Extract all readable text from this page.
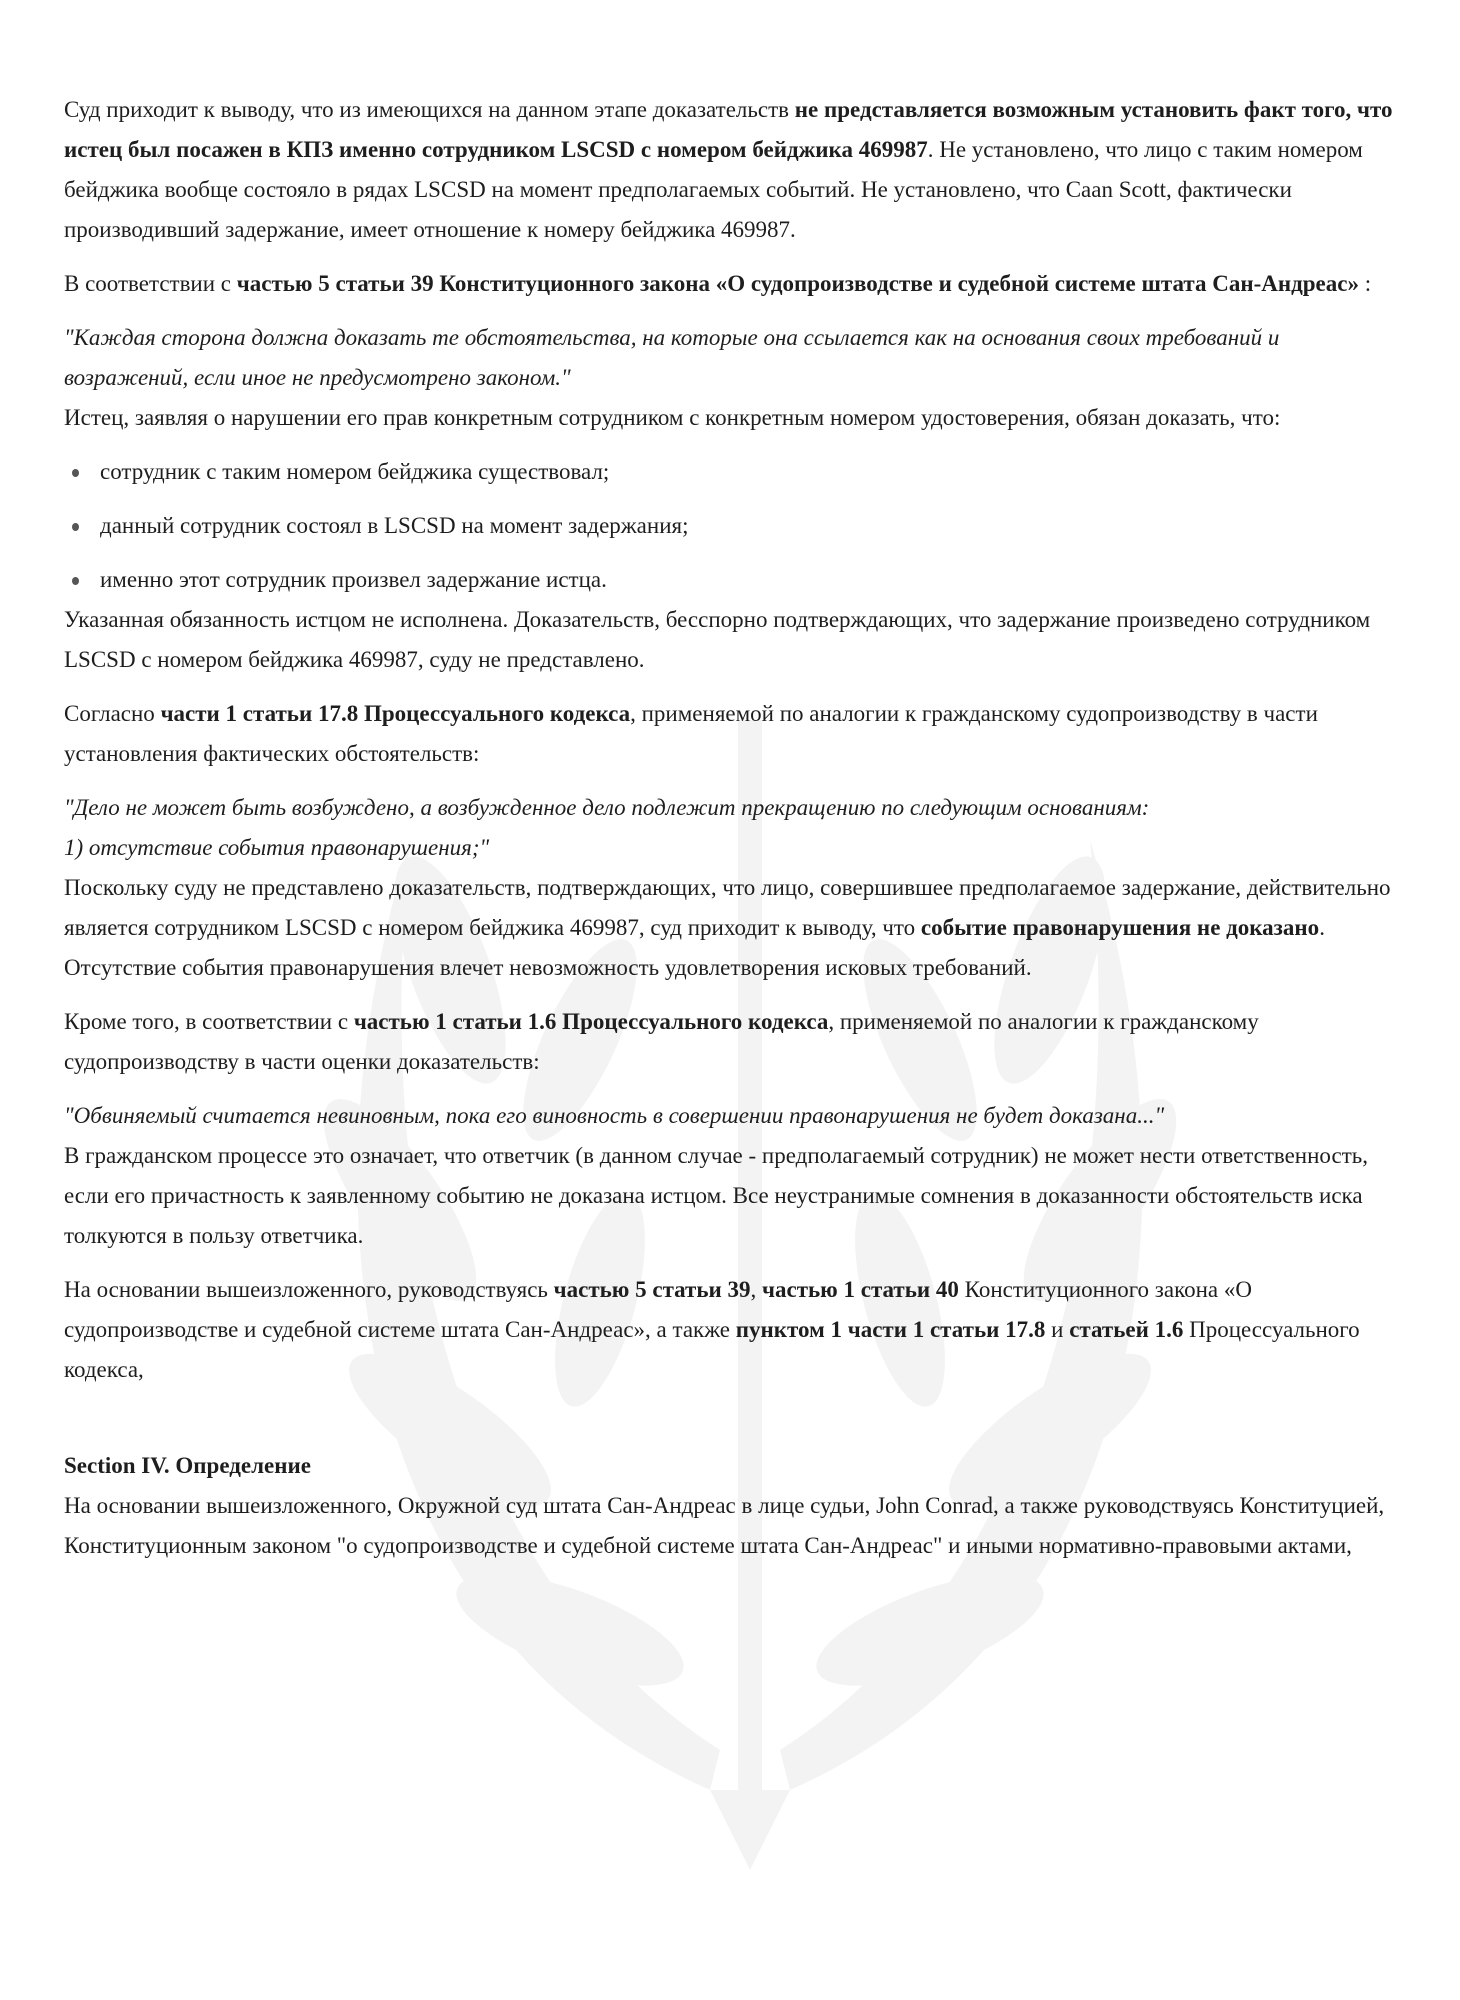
Суд приходит к выводу, что из имеющихся на данном этапе доказательств не представляется возможным установить факт того, что истец был посажен в КПЗ именно сотрудником LSCSD с номером бейджика 469987. Не установлено, что лицо с таким номером бейджика вообще состояло в рядах LSCSD на момент предполагаемых событий. Не установлено, что Caan Scott, фактически производивший задержание, имеет отношение к номеру бейджика 469987.

В соответствии с частью 5 статьи 39 Конституционного закона «О судопроизводстве и судебной системе штата Сан-Андреас» :

"Каждая сторона должна доказать те обстоятельства, на которые она ссылается как на основания своих требований и возражений, если иное не предусмотрено законом."

Истец, заявляя о нарушении его прав конкретным сотрудником с конкретным номером удостоверения, обязан доказать, что:

сотрудник с таким номером бейджика существовал;
данный сотрудник состоял в LSCSD на момент задержания;
именно этот сотрудник произвел задержание истца.

Указанная обязанность истцом не исполнена. Доказательств, бесспорно подтверждающих, что задержание произведено сотрудником LSCSD с номером бейджика 469987, суду не представлено.

Согласно части 1 статьи 17.8 Процессуального кодекса, применяемой по аналогии к гражданскому судопроизводству в части установления фактических обстоятельств:

"Дело не может быть возбуждено, а возбужденное дело подлежит прекращению по следующим основаниям:

1) отсутствие события правонарушения;"

Поскольку суду не представлено доказательств, подтверждающих, что лицо, совершившее предполагаемое задержание, действительно является сотрудником LSCSD с номером бейджика 469987, суд приходит к выводу, что событие правонарушения не доказано. Отсутствие события правонарушения влечет невозможность удовлетворения исковых требований.

Кроме того, в соответствии с частью 1 статьи 1.6 Процессуального кодекса, применяемой по аналогии к гражданскому судопроизводству в части оценки доказательств:

"Обвиняемый считается невиновным, пока его виновность в совершении правонарушения не будет доказана..."

В гражданском процессе это означает, что ответчик (в данном случае - предполагаемый сотрудник) не может нести ответственность, если его причастность к заявленному событию не доказана истцом. Все неустранимые сомнения в доказанности обстоятельств иска толкуются в пользу ответчика.

На основании вышеизложенного, руководствуясь частью 5 статьи 39, частью 1 статьи 40 Конституционного закона «О судопроизводстве и судебной системе штата Сан-Андреас», а также пунктом 1 части 1 статьи 17.8 и статьей 1.6 Процессуального кодекса,

Section IV. Определение

На основании вышеизложенного, Окружной суд штата Сан-Андреас в лице судьи, John Conrad, а также руководствуясь Конституцией, Конституционным законом "о судопроизводстве и судебной системе штата Сан-Андреас" и иными нормативно-правовыми актами,
